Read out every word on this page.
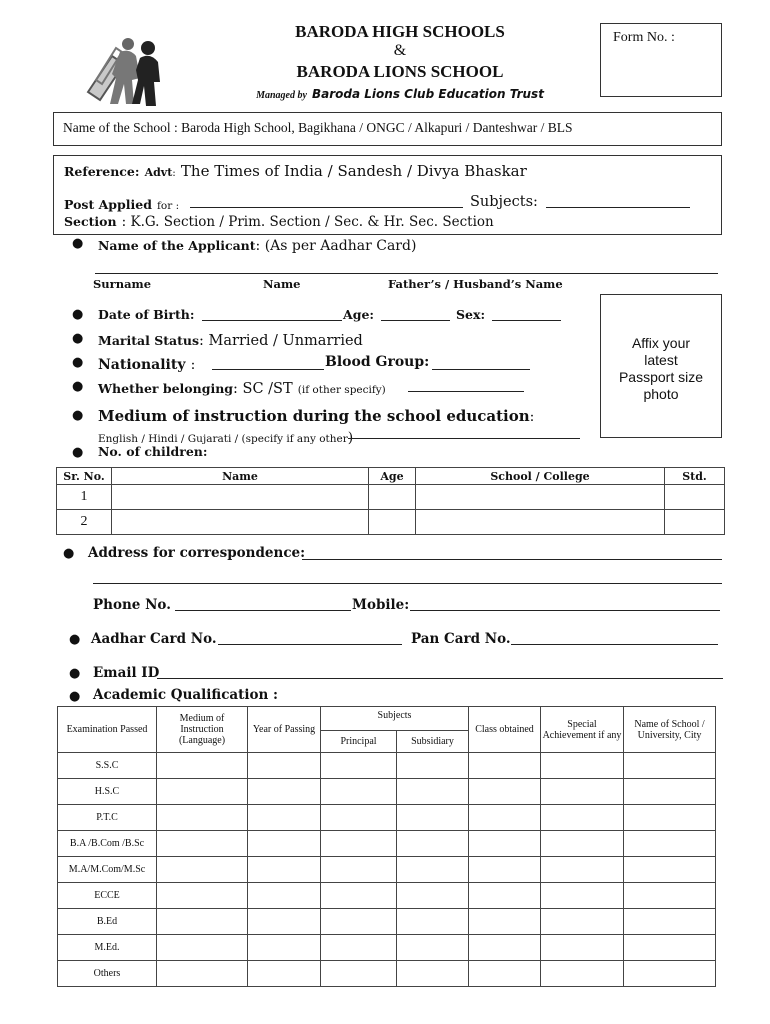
BARODA HIGH SCHOOLS
&
BARODA LIONS SCHOOL
Managed by Baroda Lions Club Education Trust
Form No. :
Name of the School : Baroda High School, Bagikhana / ONGC / Alkapuri / Danteshwar / BLS
Reference: Advt: The Times of India / Sandesh / Divya Bhaskar
Post Applied for :	Subjects:
Section : K.G. Section / Prim. Section / Sec. & Hr. Sec. Section
● Name of the Applicant: (As per Aadhar Card)
Surname	Name	Father’s / Husband’s Name
Affix your
latest
Passport size
photo
● Date of Birth:	Age:	Sex:
● Marital Status: Married / Unmarried
● Nationality :	Blood Group:
● Whether belonging: SC /ST (if other specify)
● Medium of instruction during the school education:
English / Hindi / Gujarati / (specify if any other)
● No. of children:
Sr. No.	Name	Age	School / College	Std.
1				
2				
● Address for correspondence:
Phone No.	Mobile:
● Aadhar Card No.	Pan Card No.
● Email ID
● Academic Qualification :
Examination Passed	Medium of Instruction (Language)	Year of Passing	Subjects		Class obtained	Special Achievement if any	Name of School / University, City
			Principal	Subsidiary			
S.S.C							
H.S.C							
P.T.C							
B.A /B.Com /B.Sc							
M.A/M.Com/M.Sc							
ECCE							
B.Ed							
M.Ed.							
Others							
